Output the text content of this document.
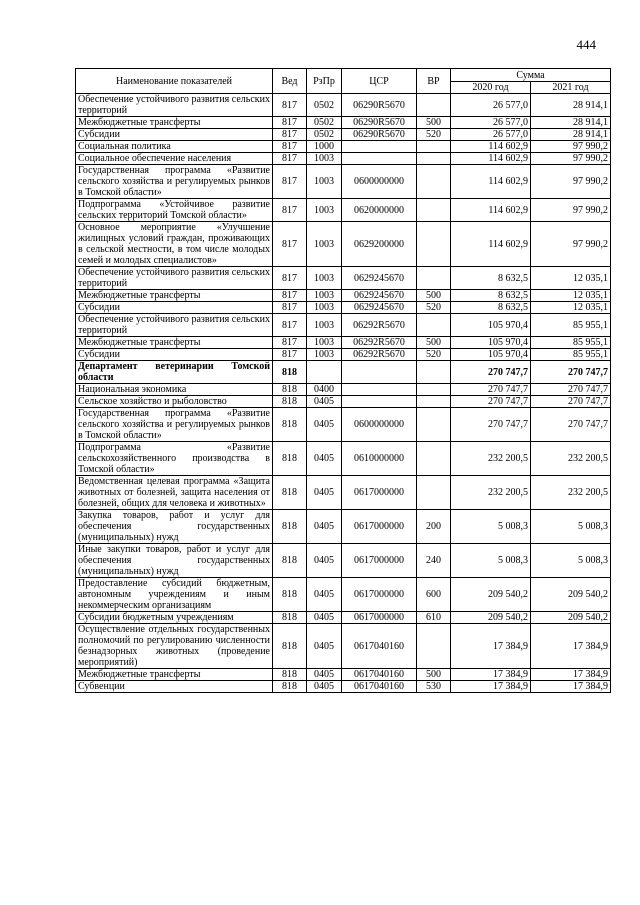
444
Наименование показателей	Вед	РзПр	ЦСР	ВР	Сумма	
					2020 год	2021 год
Обеспечение устойчивого развития сельских территорий	817	0502	06290R5670		26 577,0	28 914,1
Межбюджетные трансферты	817	0502	06290R5670	500	26 577,0	28 914,1
Субсидии	817	0502	06290R5670	520	26 577,0	28 914,1
Социальная политика	817	1000			114 602,9	97 990,2
Социальное обеспечение населения	817	1003			114 602,9	97 990,2
Государственная программа «Развитие сельского хозяйства и регулируемых рынков в Томской области»	817	1003	0600000000		114 602,9	97 990,2
Подпрограмма «Устойчивое развитие сельских территорий Томской области»	817	1003	0620000000		114 602,9	97 990,2
Основное мероприятие «Улучшение жилищных условий граждан, проживающих в сельской местности, в том числе молодых семей и молодых специалистов»	817	1003	0629200000		114 602,9	97 990,2
Обеспечение устойчивого развития сельских территорий	817	1003	0629245670		8 632,5	12 035,1
Межбюджетные трансферты	817	1003	0629245670	500	8 632,5	12 035,1
Субсидии	817	1003	0629245670	520	8 632,5	12 035,1
Обеспечение устойчивого развития сельских территорий	817	1003	06292R5670		105 970,4	85 955,1
Межбюджетные трансферты	817	1003	06292R5670	500	105 970,4	85 955,1
Субсидии	817	1003	06292R5670	520	105 970,4	85 955,1
Департамент ветеринарии Томской области	818				270 747,7	270 747,7
Национальная экономика	818	0400			270 747,7	270 747,7
Сельское хозяйство и рыболовство	818	0405			270 747,7	270 747,7
Государственная программа «Развитие сельского хозяйства и регулируемых рынков в Томской области»	818	0405	0600000000		270 747,7	270 747,7
Подпрограмма «Развитие сельскохозяйственного производства в Томской области»	818	0405	0610000000		232 200,5	232 200,5
Ведомственная целевая программа «Защита животных от болезней, защита населения от болезней, общих для человека и животных»	818	0405	0617000000		232 200,5	232 200,5
Закупка товаров, работ и услуг для обеспечения государственных (муниципальных) нужд	818	0405	0617000000	200	5 008,3	5 008,3
Иные закупки товаров, работ и услуг для обеспечения государственных (муниципальных) нужд	818	0405	0617000000	240	5 008,3	5 008,3
Предоставление субсидий бюджетным, автономным учреждениям и иным некоммерческим организациям	818	0405	0617000000	600	209 540,2	209 540,2
Субсидии бюджетным учреждениям	818	0405	0617000000	610	209 540,2	209 540,2
Осуществление отдельных государственных полномочий по регулированию численности безнадзорных животных (проведение мероприятий)	818	0405	0617040160		17 384,9	17 384,9
Межбюджетные трансферты	818	0405	0617040160	500	17 384,9	17 384,9
Субвенции	818	0405	0617040160	530	17 384,9	17 384,9
